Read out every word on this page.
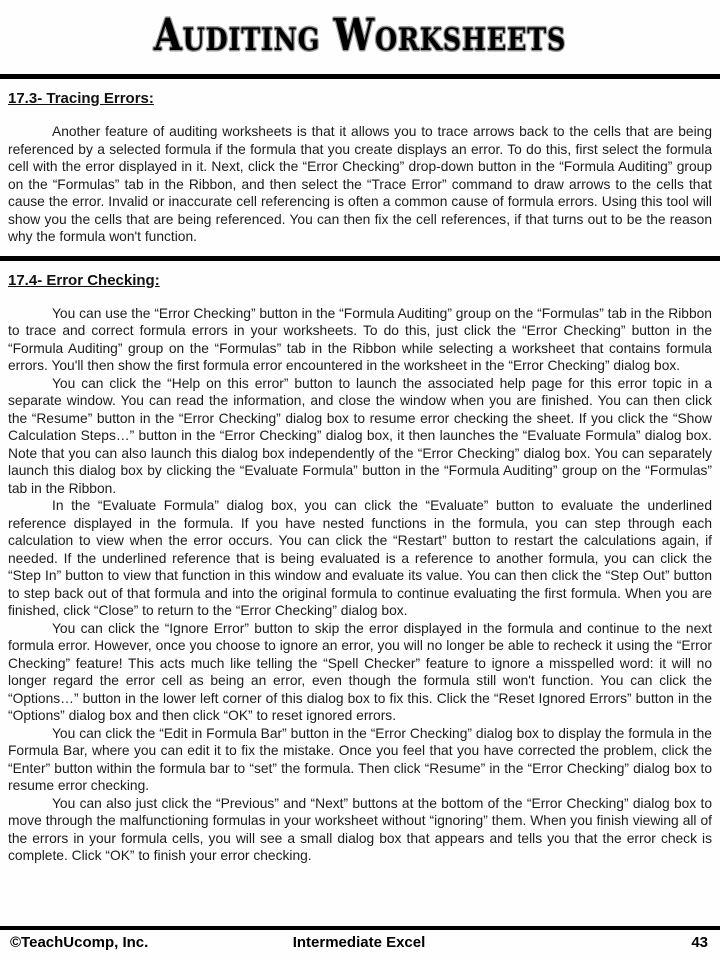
Auditing Worksheets
17.3- Tracing Errors:

Another feature of auditing worksheets is that it allows you to trace arrows back to the cells that are being referenced by a selected formula if the formula that you create displays an error. To do this, first select the formula cell with the error displayed in it. Next, click the “Error Checking” drop-down button in the “Formula Auditing” group on the “Formulas” tab in the Ribbon, and then select the “Trace Error” command to draw arrows to the cells that cause the error. Invalid or inaccurate cell referencing is often a common cause of formula errors. Using this tool will show you the cells that are being referenced. You can then fix the cell references, if that turns out to be the reason why the formula won't function.

17.4- Error Checking:

You can use the “Error Checking” button in the “Formula Auditing” group on the “Formulas” tab in the Ribbon to trace and correct formula errors in your worksheets. To do this, just click the “Error Checking” button in the “Formula Auditing” group on the “Formulas” tab in the Ribbon while selecting a worksheet that contains formula errors. You'll then show the first formula error encountered in the worksheet in the “Error Checking” dialog box.

You can click the “Help on this error” button to launch the associated help page for this error topic in a separate window. You can read the information, and close the window when you are finished. You can then click the “Resume” button in the “Error Checking” dialog box to resume error checking the sheet. If you click the “Show Calculation Steps…” button in the “Error Checking” dialog box, it then launches the “Evaluate Formula” dialog box. Note that you can also launch this dialog box independently of the “Error Checking” dialog box. You can separately launch this dialog box by clicking the “Evaluate Formula” button in the “Formula Auditing” group on the “Formulas” tab in the Ribbon.

In the “Evaluate Formula” dialog box, you can click the “Evaluate” button to evaluate the underlined reference displayed in the formula. If you have nested functions in the formula, you can step through each calculation to view when the error occurs. You can click the “Restart” button to restart the calculations again, if needed. If the underlined reference that is being evaluated is a reference to another formula, you can click the “Step In” button to view that function in this window and evaluate its value. You can then click the “Step Out” button to step back out of that formula and into the original formula to continue evaluating the first formula. When you are finished, click “Close” to return to the “Error Checking” dialog box.

You can click the “Ignore Error” button to skip the error displayed in the formula and continue to the next formula error. However, once you choose to ignore an error, you will no longer be able to recheck it using the “Error Checking” feature! This acts much like telling the “Spell Checker” feature to ignore a misspelled word: it will no longer regard the error cell as being an error, even though the formula still won't function. You can click the “Options…” button in the lower left corner of this dialog box to fix this. Click the “Reset Ignored Errors” button in the “Options” dialog box and then click “OK” to reset ignored errors.

You can click the “Edit in Formula Bar” button in the “Error Checking” dialog box to display the formula in the Formula Bar, where you can edit it to fix the mistake. Once you feel that you have corrected the problem, click the “Enter” button within the formula bar to “set” the formula. Then click “Resume” in the “Error Checking” dialog box to resume error checking.

You can also just click the “Previous” and “Next” buttons at the bottom of the “Error Checking” dialog box to move through the malfunctioning formulas in your worksheet without “ignoring” them. When you finish viewing all of the errors in your formula cells, you will see a small dialog box that appears and tells you that the error check is complete. Click “OK” to finish your error checking.

©TeachUcomp, Inc.	Intermediate Excel	43
